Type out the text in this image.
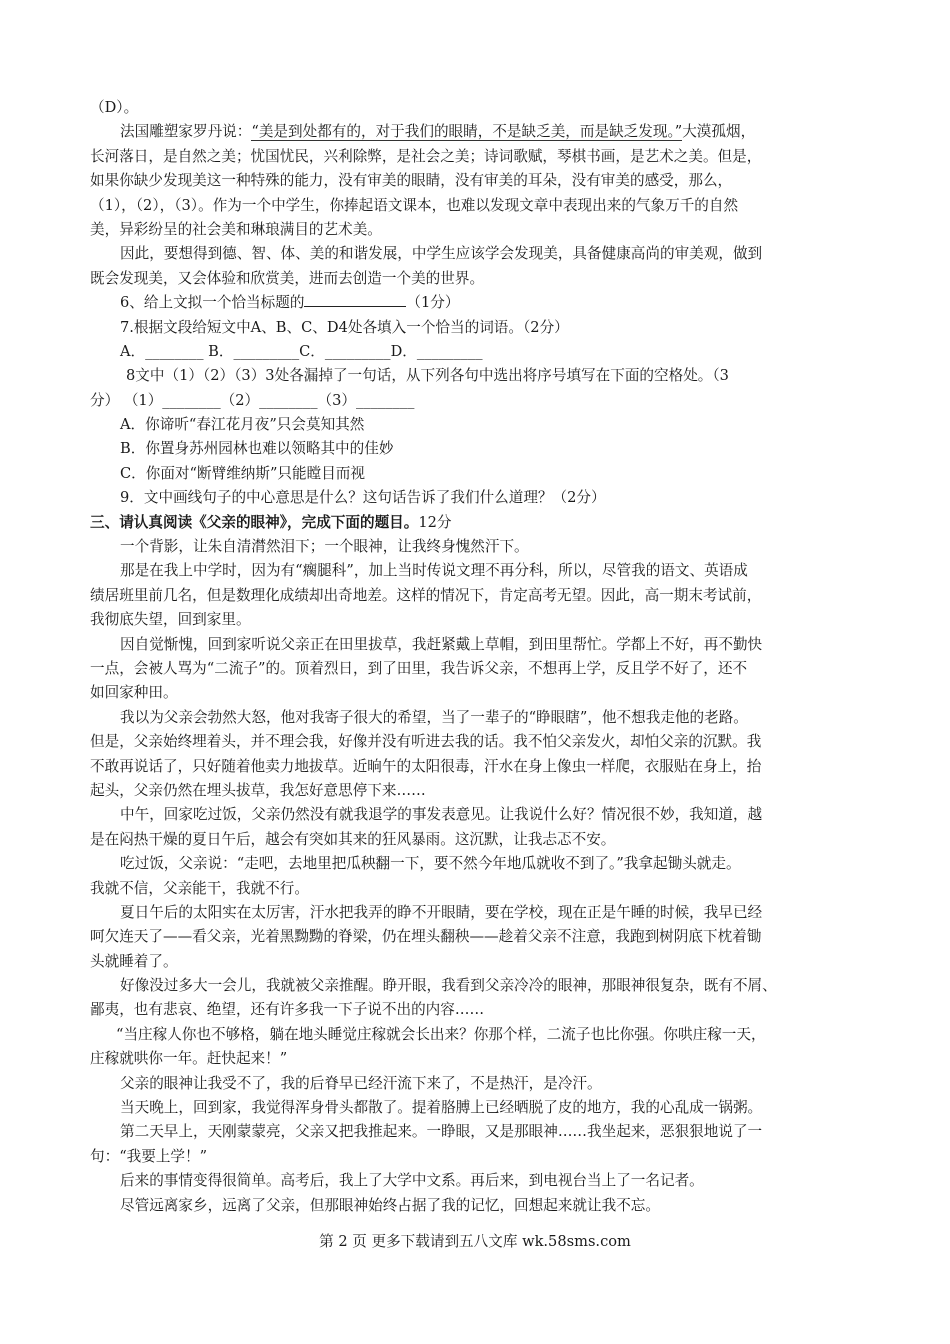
（D）。
法国雕塑家罗丹说：“美是到处都有的，对于我们的眼睛，不是缺乏美，而是缺乏发现。”大漠孤烟，
长河落日，是自然之美；忧国忧民，兴利除弊，是社会之美；诗词歌赋，琴棋书画，是艺术之美。但是，
如果你缺少发现美这一种特殊的能力，没有审美的眼睛，没有审美的耳朵，没有审美的感受，那么，
（1），（2），（3）。作为一个中学生，你捧起语文课本，也难以发现文章中表现出来的气象万千的自然
美，异彩纷呈的社会美和琳琅满目的艺术美。
因此，要想得到德、智、体、美的和谐发展，中学生应该学会发现美，具备健康高尚的审美观，做到
既会发现美，又会体验和欣赏美，进而去创造一个美的世界。
6、给上文拟一个恰当标题的	（1分）
7.根据文段给短文中A、B、C、D4处各填入一个恰当的词语。（2分）
A．________ B．_________C．_________D．_________
8文中（1）（2）（3）3处各漏掉了一句话，从下列各句中选出将序号填写在下面的空格处。（3
分） （1）________（2）________（3）________
A．你谛听“春江花月夜”只会莫知其然
B．你置身苏州园林也难以领略其中的佳妙
C．你面对“断臂维纳斯”只能瞠目而视
9．文中画线句子的中心意思是什么？这句话告诉了我们什么道理？（2分）
三、请认真阅读《父亲的眼神》，完成下面的题目。12分
一个背影，让朱自清潸然泪下；一个眼神，让我终身愧然汗下。
那是在我上中学时，因为有“瘸腿科”，加上当时传说文理不再分科，所以，尽管我的语文、英语成
绩居班里前几名，但是数理化成绩却出奇地差。这样的情况下，肯定高考无望。因此，高一期末考试前，
我彻底失望，回到家里。
因自觉惭愧，回到家听说父亲正在田里拔草，我赶紧戴上草帽，到田里帮忙。学都上不好，再不勤快
一点，会被人骂为“二流子”的。顶着烈日，到了田里，我告诉父亲，不想再上学，反且学不好了，还不
如回家种田。
我以为父亲会勃然大怒，他对我寄子很大的希望，当了一辈子的“睁眼瞎”，他不想我走他的老路。
但是，父亲始终埋着头，并不理会我，好像并没有听进去我的话。我不怕父亲发火，却怕父亲的沉默。我
不敢再说话了，只好随着他卖力地拔草。近晌午的太阳很毒，汗水在身上像虫一样爬，衣服贴在身上，抬
起头，父亲仍然在埋头拔草，我怎好意思停下来……
中午，回家吃过饭，父亲仍然没有就我退学的事发表意见。让我说什么好？情况很不妙，我知道，越
是在闷热干燥的夏日午后，越会有突如其来的狂风暴雨。这沉默，让我忐忑不安。
吃过饭，父亲说：“走吧，去地里把瓜秧翻一下，要不然今年地瓜就收不到了。”我拿起锄头就走。
我就不信，父亲能干，我就不行。
夏日午后的太阳实在太厉害，汗水把我弄的睁不开眼睛，要在学校，现在正是午睡的时候，我早已经
呵欠连天了——看父亲，光着黑黝黝的脊梁，仍在埋头翻秧——趁着父亲不注意，我跑到树阴底下枕着锄
头就睡着了。
好像没过多大一会儿，我就被父亲推醒。睁开眼，我看到父亲冷冷的眼神，那眼神很复杂，既有不屑、
鄙夷，也有悲哀、绝望，还有许多我一下子说不出的内容……
“当庄稼人你也不够格，躺在地头睡觉庄稼就会长出来？你那个样，二流子也比你强。你哄庄稼一天，
庄稼就哄你一年。赶快起来！”
父亲的眼神让我受不了，我的后脊早已经汗流下来了，不是热汗，是冷汗。
当天晚上，回到家，我觉得浑身骨头都散了。提着胳膊上已经晒脱了皮的地方，我的心乱成一锅粥。
第二天早上，天刚蒙蒙亮，父亲又把我推起来。一睁眼，又是那眼神……我坐起来，恶狠狠地说了一
句：“我要上学！”
后来的事情变得很简单。高考后，我上了大学中文系。再后来，到电视台当上了一名记者。
尽管远离家乡，远离了父亲，但那眼神始终占据了我的记忆，回想起来就让我不忘。
第 2 页 更多下载请到五八文库 wk.58sms.com
